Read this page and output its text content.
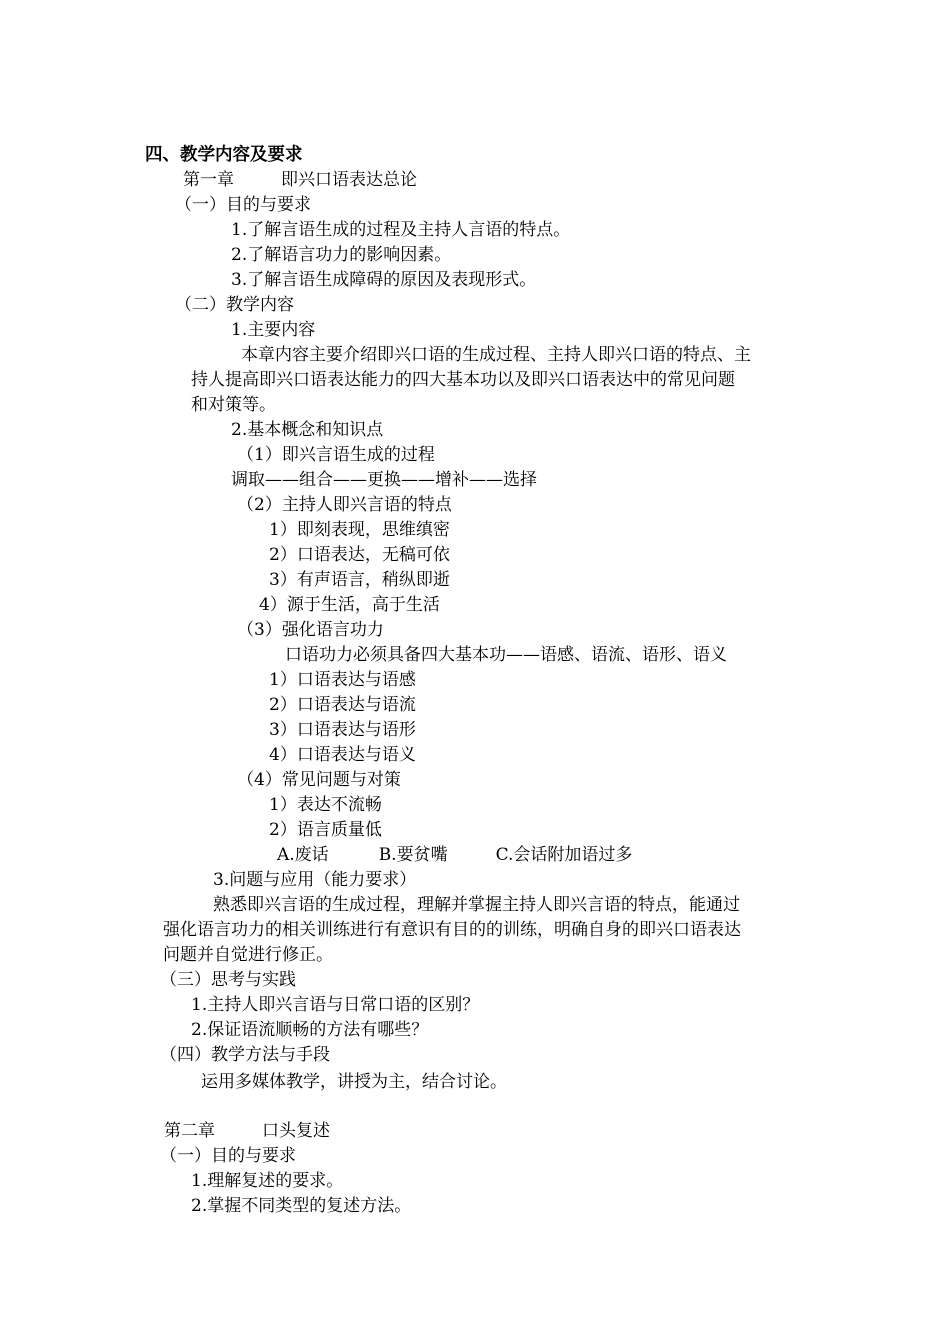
四、教学内容及要求
第一章	即兴口语表达总论
（一）目的与要求
1.了解言语生成的过程及主持人言语的特点。
2.了解语言功力的影响因素。
3.了解言语生成障碍的原因及表现形式。
（二）教学内容
1.主要内容
本章内容主要介绍即兴口语的生成过程、主持人即兴口语的特点、主
持人提高即兴口语表达能力的四大基本功以及即兴口语表达中的常见问题
和对策等。
2.基本概念和知识点
（1）即兴言语生成的过程
调取——组合——更换——增补——选择
（2）主持人即兴言语的特点
1）即刻表现，思维缜密
2）口语表达，无稿可依
3）有声语言，稍纵即逝
4）源于生活，高于生活
（3）强化语言功力
口语功力必须具备四大基本功——语感、语流、语形、语义
1）口语表达与语感
2）口语表达与语流
3）口语表达与语形
4）口语表达与语义
（4）常见问题与对策
1）表达不流畅
2）语言质量低
A.废话	B.要贫嘴	C.会话附加语过多
3.问题与应用（能力要求）
熟悉即兴言语的生成过程，理解并掌握主持人即兴言语的特点，能通过
强化语言功力的相关训练进行有意识有目的的训练，明确自身的即兴口语表达
问题并自觉进行修正。
（三）思考与实践
1.主持人即兴言语与日常口语的区别？
2.保证语流顺畅的方法有哪些？
（四）教学方法与手段
运用多媒体教学，讲授为主，结合讨论。
第二章	口头复述
（一）目的与要求
1.理解复述的要求。
2.掌握不同类型的复述方法。
